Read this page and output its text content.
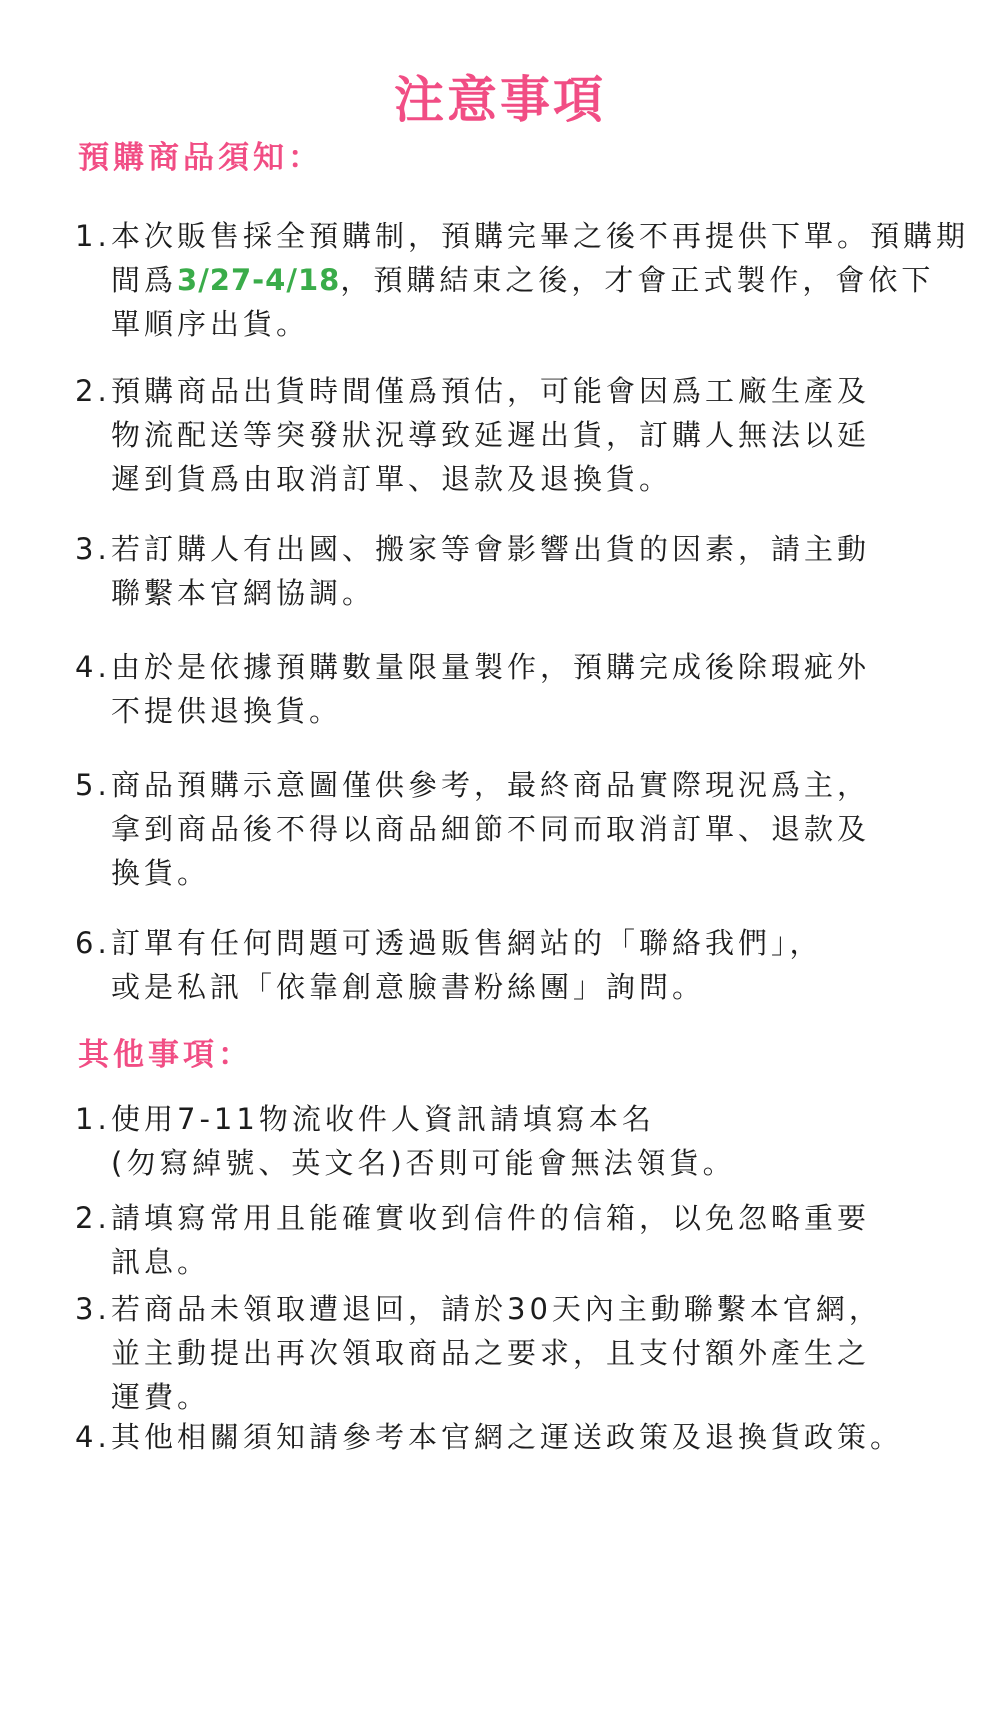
注意事項
預購商品須知：
1.本次販售採全預購制，預購完畢之後不再提供下單。預購期
間爲3/27-4/18，預購結束之後，才會正式製作，會依下
單順序出貨。
2.預購商品出貨時間僅爲預估，可能會因爲工廠生產及
物流配送等突發狀況導致延遲出貨，訂購人無法以延
遲到貨爲由取消訂單、退款及退換貨。
3.若訂購人有出國、搬家等會影響出貨的因素，請主動
聯繫本官網協調。
4.由於是依據預購數量限量製作，預購完成後除瑕疵外
不提供退換貨。
5.商品預購示意圖僅供參考，最終商品實際現況爲主，
拿到商品後不得以商品細節不同而取消訂單、退款及
換貨。
6.訂單有任何問題可透過販售網站的「聯絡我們」，
或是私訊「依靠創意臉書粉絲團」詢問。
其他事項：
1.使用7-11物流收件人資訊請填寫本名
(勿寫綽號、英文名)否則可能會無法領貨。
2.請填寫常用且能確實收到信件的信箱，以免忽略重要
訊息。
3.若商品未領取遭退回，請於30天內主動聯繫本官網，
並主動提出再次領取商品之要求，且支付額外產生之
運費。
4.其他相關須知請參考本官網之運送政策及退換貨政策。
